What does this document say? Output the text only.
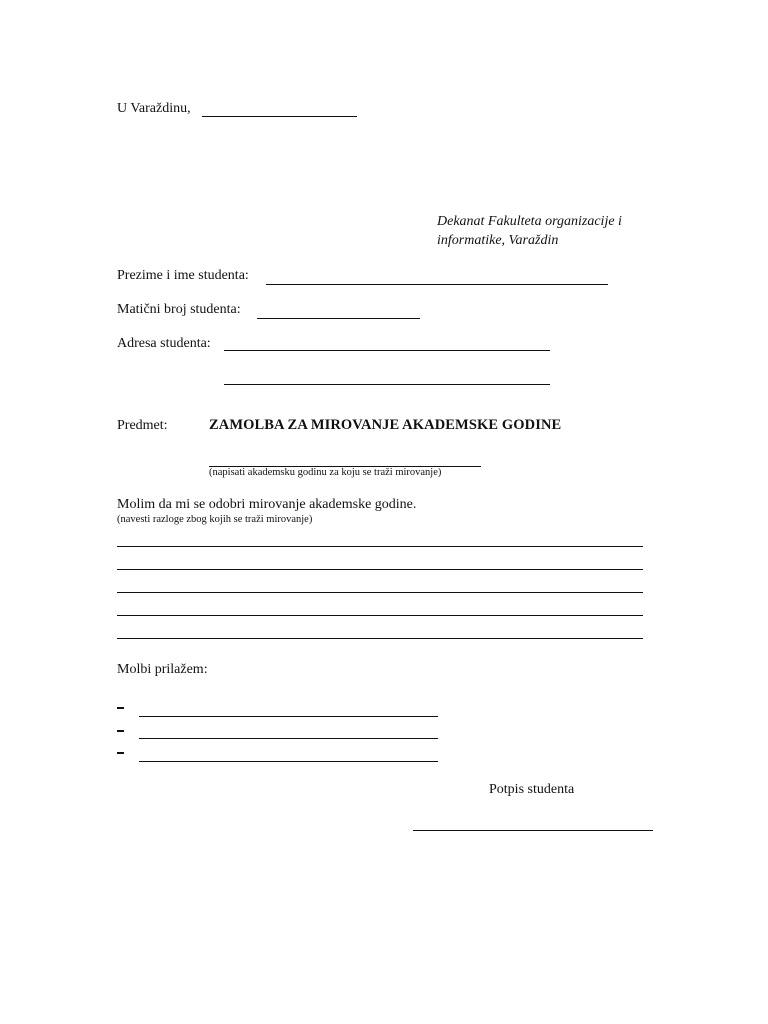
U Varaždinu,
Dekanat Fakulteta organizacije i informatike, Varaždin
Prezime i ime studenta:
Matični broj studenta:
Adresa studenta:
Predmet:	ZAMOLBA ZA MIROVANJE AKADEMSKE GODINE
(napisati akademsku godinu za koju se traži mirovanje)
Molim da mi se odobri mirovanje akademske godine.
(navesti razloge zbog kojih se traži mirovanje)
Molbi prilažem:
Potpis studenta
